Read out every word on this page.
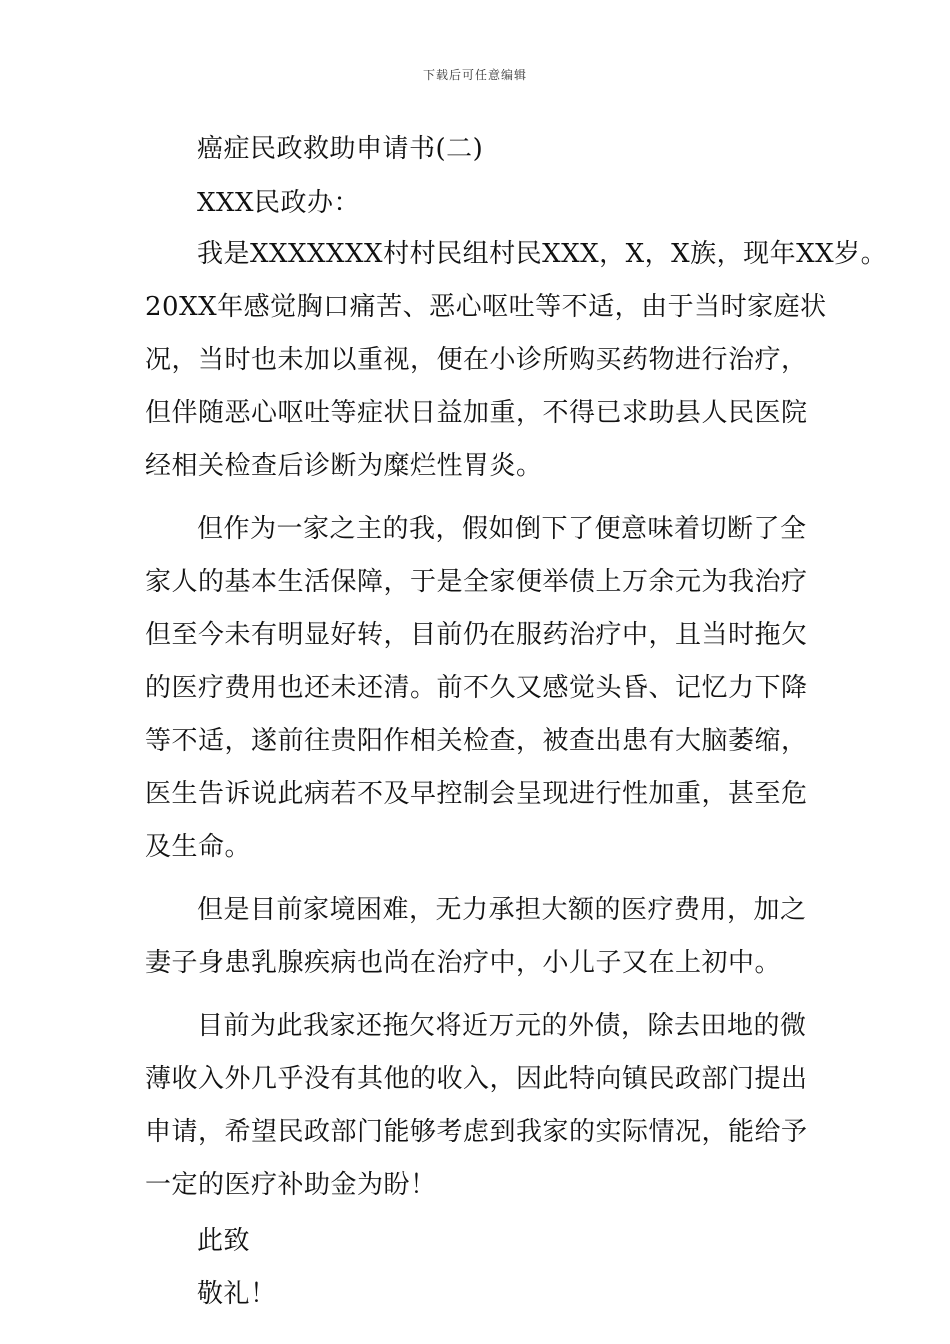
下载后可任意编辑
癌症民政救助申请书(二)
XXX民政办：
我是XXXXXXX村村民组村民XXX，X，X族，现年XX岁。
20XX年感觉胸口痛苦、恶心呕吐等不适，由于当时家庭状
况，当时也未加以重视，便在小诊所购买药物进行治疗，
但伴随恶心呕吐等症状日益加重，不得已求助县人民医院
经相关检查后诊断为糜烂性胃炎。
但作为一家之主的我，假如倒下了便意味着切断了全
家人的基本生活保障，于是全家便举债上万余元为我治疗
但至今未有明显好转，目前仍在服药治疗中，且当时拖欠
的医疗费用也还未还清。前不久又感觉头昏、记忆力下降
等不适，遂前往贵阳作相关检查，被查出患有大脑萎缩，
医生告诉说此病若不及早控制会呈现进行性加重，甚至危
及生命。
但是目前家境困难，无力承担大额的医疗费用，加之
妻子身患乳腺疾病也尚在治疗中，小儿子又在上初中。
目前为此我家还拖欠将近万元的外债，除去田地的微
薄收入外几乎没有其他的收入，因此特向镇民政部门提出
申请，希望民政部门能够考虑到我家的实际情况，能给予
一定的医疗补助金为盼！
此致
敬礼！
